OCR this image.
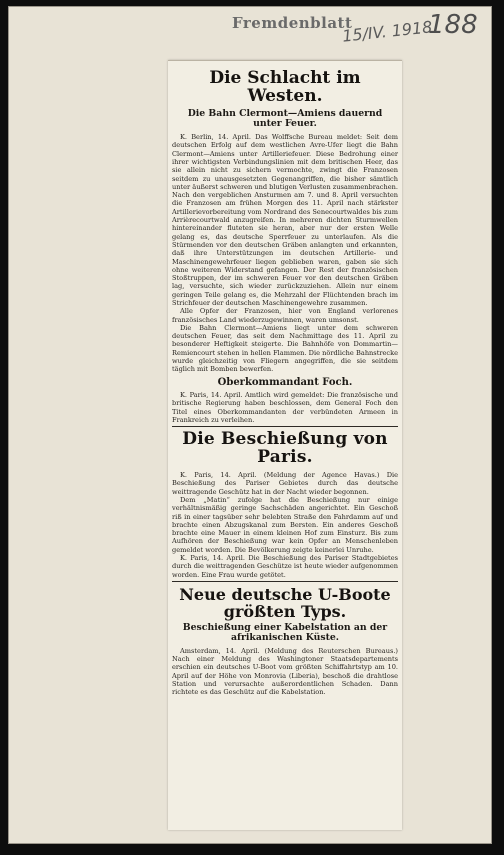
Fremdenblatt
15/IV. 1918
188
Die Schlacht im Westen.
Die Bahn Clermont—Amiens dauernd unter Feuer.

K. Berlin, 14. April. Das Wolffsche Bureau meldet: Seit dem deutschen Erfolg auf dem westlichen Avre-Ufer liegt die Bahn Clermont—Amiens unter Artilleriefeuer. Diese Bedrohung einer ihrer wichtigsten Verbindungslinien mit dem britischen Heer, das sie allein nicht zu sichern vermochte, zwingt die Franzosen seitdem zu unausgesetzten Gegenangriffen, die bisher sämtlich unter äußerst schweren und blutigen Verlusten zusammenbrachen. Nach den vergeblichen Ansturmen am 7. und 8. April versuchten die Franzosen am frühen Morgen des 11. April nach stärkster Artillerievorbereitung vom Nordrand des Senecourtwaldes bis zum Arrièrecourtwald anzugreifen. In mehreren dichten Sturmwellen hintereinander fluteten sie heran, aber nur der ersten Welle gelang es, das deutsche Sperrfeuer zu unterlaufen. Als die Stürmenden vor den deutschen Gräben anlangten und erkannten, daß ihre Unterstützungen im deutschen Artillerie- und Maschinengewehrfeuer liegen geblieben waren, gaben sie sich ohne weiteren Widerstand gefangen. Der Rest der französischen Stoßtruppen, der im schweren Feuer vor den deutschen Gräben lag, versuchte, sich wieder zurückzuziehen. Allein nur einem geringen Teile gelang es, die Mehrzahl der Flüchtenden brach im Strichfeuer der deutschen Maschinengewehre zusammen.

Alle Opfer der Franzosen, hier von England verlorenes französisches Land wiederzugewinnen, waren umsonst.

Die Bahn Clermont—Amiens liegt unter dem schweren deutschen Feuer, das seit dem Nachmittage des 11. April zu besonderer Heftigkeit steigerte. Die Bahnhöfe von Dommartin—Remiencourt stehen in hellen Flammen. Die nördliche Bahnstrecke wurde gleichzeitig von Fliegern angegriffen, die sie seitdem täglich mit Bomben bewerfen.

Oberkommandant Foch.

K. Paris, 14. April. Amtlich wird gemeldet: Die französische und britische Regierung haben beschlossen, dem General Foch den Titel eines Oberkommandanten der verbündeten Armeen in Frankreich zu verleihen.

Die Beschießung von Paris.

K. Paris, 14. April. (Meldung der Agence Havas.) Die Beschießung des Pariser Gebietes durch das deutsche weittragende Geschütz hat in der Nacht wieder begonnen.

Dem „Matin“ zufolge hat die Beschießung nur einige verhältnismäßig geringe Sachschäden angerichtet. Ein Geschoß riß in einer tagsüber sehr belebten Straße den Fahrdamm auf und brachte einen Abzugskanal zum Bersten. Ein anderes Geschoß brachte eine Mauer in einem kleinen Hof zum Einsturz. Bis zum Aufhören der Beschießung war kein Opfer an Menschenleben gemeldet worden. Die Bevölkerung zeigte keinerlei Unruhe.

K. Paris, 14. April. Die Beschießung des Pariser Stadtgebietes durch die weittragenden Geschütze ist heute wieder aufgenommen worden. Eine Frau wurde getötet.

Neue deutsche U-Boote größten Typs.
Beschießung einer Kabelstation an der afrikanischen Küste.

Amsterdam, 14. April. (Meldung des Reuterschen Bureaus.) Nach einer Meldung des Washingtoner Staatsdepartements erschien ein deutsches U-Boot vom größten Schiffahrtstyp am 10. April auf der Höhe von Monrovia (Liberia), beschoß die drahtlose Station und verursachte außerordentlichen Schaden. Dann richtete es das Geschütz auf die Kabelstation.
